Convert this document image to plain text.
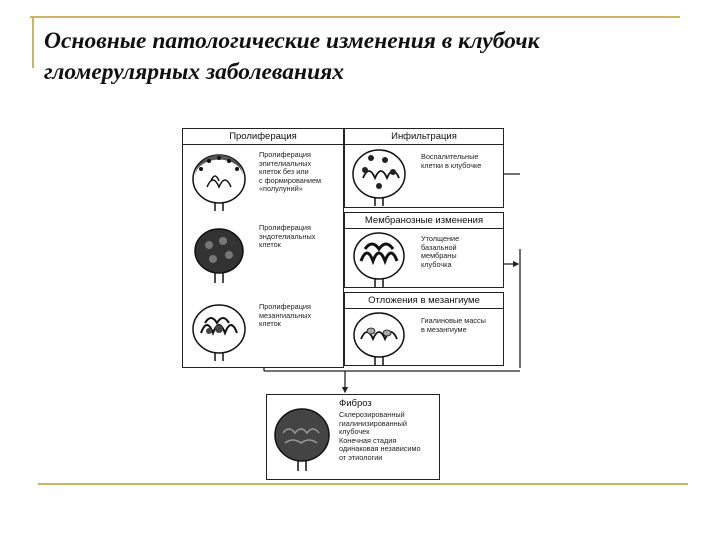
Основные патологические изменения в клубочк
гломерулярных заболеваниях
Пролиферация
Пролиферация
эпителиальных
клеток без или
с формированием
«полулуний»
Пролиферация
эндотелиальных
клеток
Пролиферация
мезангиальных
клеток
Инфильтрация
Воспалительные
клетки в клубочке
Мембранозные изменения
Утолщение
базальной
мембраны
клубочка
Отложения в мезангиуме
Гиалиновые массы
в мезангиуме
Фиброз
Склерозированный
гиалинизированный
клубочек
Конечная стадия
одинаковая независимо
от этиологии
